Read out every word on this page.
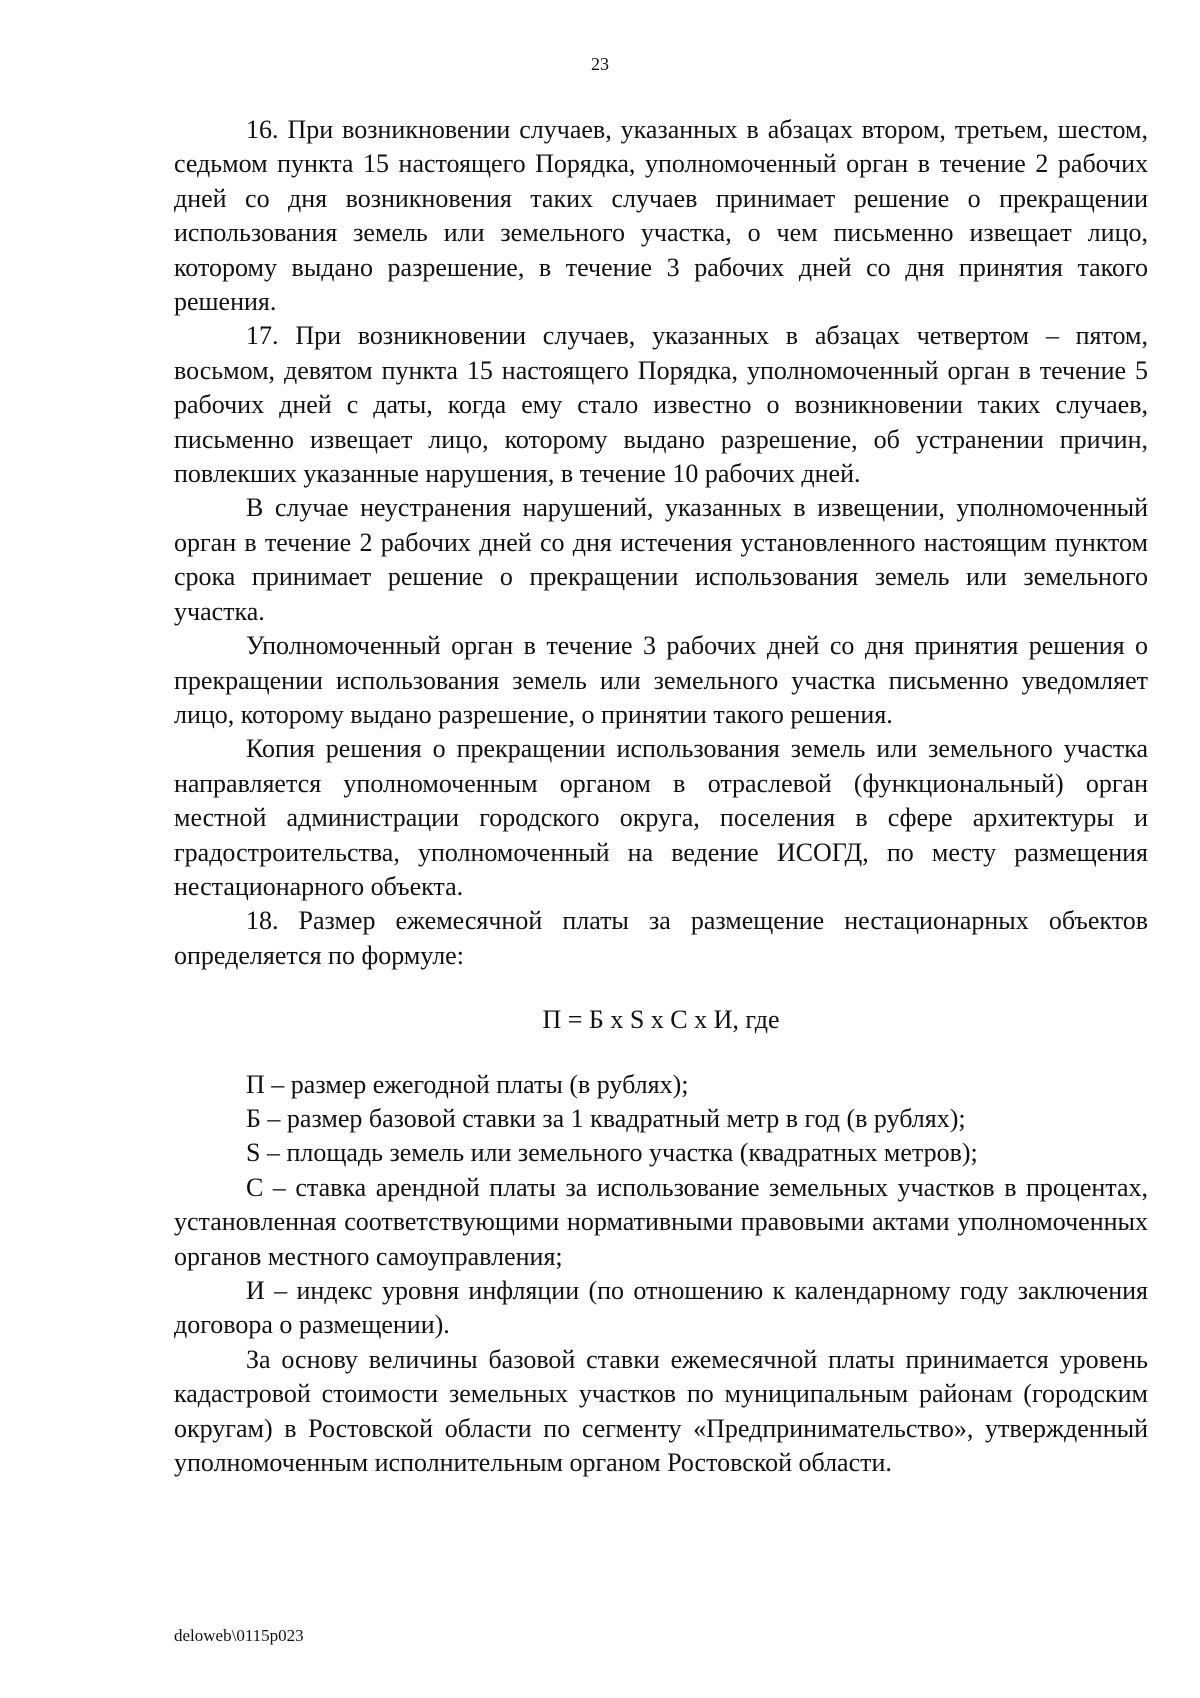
23

16. При возникновении случаев, указанных в абзацах втором, третьем, шестом, седьмом пункта 15 настоящего Порядка, уполномоченный орган в течение 2 рабочих дней со дня возникновения таких случаев принимает решение о прекращении использования земель или земельного участка, о чем письменно извещает лицо, которому выдано разрешение, в течение 3 рабочих дней со дня принятия такого решения.

17. При возникновении случаев, указанных в абзацах четвертом – пятом, восьмом, девятом пункта 15 настоящего Порядка, уполномоченный орган в течение 5 рабочих дней с даты, когда ему стало известно о возникновении таких случаев, письменно извещает лицо, которому выдано разрешение, об устранении причин, повлекших указанные нарушения, в течение 10 рабочих дней.

В случае неустранения нарушений, указанных в извещении, уполномоченный орган в течение 2 рабочих дней со дня истечения установленного настоящим пунктом срока принимает решение о прекращении использования земель или земельного участка.

Уполномоченный орган в течение 3 рабочих дней со дня принятия решения о прекращении использования земель или земельного участка письменно уведомляет лицо, которому выдано разрешение, о принятии такого решения.

Копия решения о прекращении использования земель или земельного участка направляется уполномоченным органом в отраслевой (функциональный) орган местной администрации городского округа, поселения в сфере архитектуры и градостроительства, уполномоченный на ведение ИСОГД, по месту размещения нестационарного объекта.

18. Размер ежемесячной платы за размещение нестационарных объектов определяется по формуле:

П = Б x S x С x И, где

П – размер ежегодной платы (в рублях);

Б – размер базовой ставки за 1 квадратный метр в год (в рублях);

S – площадь земель или земельного участка (квадратных метров);

С – ставка арендной платы за использование земельных участков в процентах, установленная соответствующими нормативными правовыми актами уполномоченных органов местного самоуправления;

И – индекс уровня инфляции (по отношению к календарному году заключения договора о размещении).

За основу величины базовой ставки ежемесячной платы принимается уровень кадастровой стоимости земельных участков по муниципальным районам (городским округам) в Ростовской области по сегменту «Предпринимательство», утвержденный уполномоченным исполнительным органом Ростовской области.

deloweb\0115p023
